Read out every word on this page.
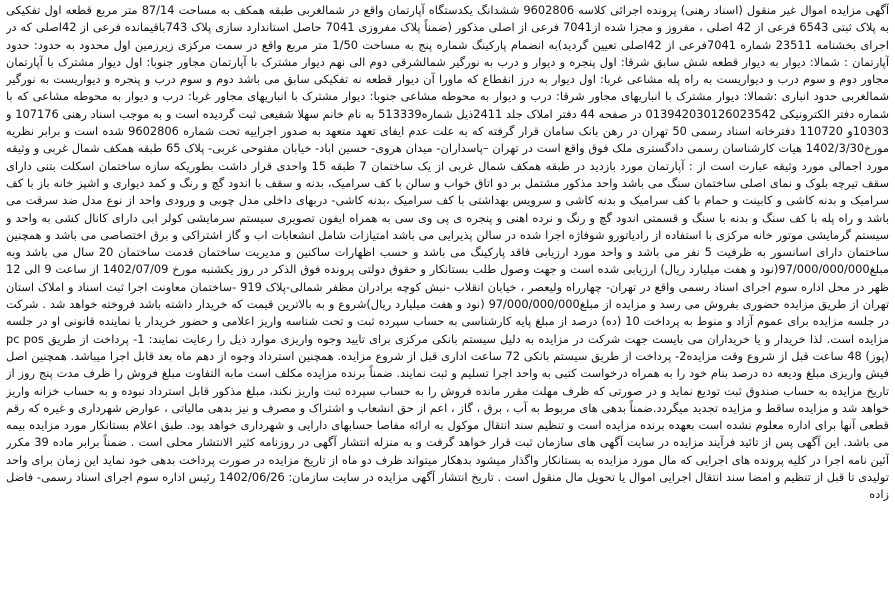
آگهی مزایده اموال غیر منقول (اسناد رهنی) پرونده اجرائی کلاسه 9602806 ششدانگ یکدستگاه آپارتمان واقع در شمالغربی طبقه همکف به مساحت 87/14 متر مربع قطعه اول تفکیکی به پلاک ثبتی 6543 فرعی از 42 اصلی ، مفروز و مجزا شده از7041 فرعی از اصلی مذکور (ضمناً پلاک مفروزی 7041 حاصل استاندارد سازی پلاک 743باقیمانده فرعی از 42اصلی که در اجرای بخشنامه 23511 شماره 7041فرعی از 42اصلی تعیین گردید)به انضمام پارکینگ شماره پنج به مساحت 1/50 متر مربع واقع در سمت مرکزی زیرزمین اول محدود به حدود: حدود آپارتمان : شمالا: دیوار به دیوار قطعه شش سابق شرقا: اول پنجره و دیوار و درب به نورگیر شمالشرقی دوم الی نهم دیوار مشترک با آپارتمان مجاور جنوبا: اول دیوار مشترک با آپارتمان مجاور دوم و سوم درب و دیواریست به راه پله مشاعی غربا: اول دیوار به درز انقطاع که ماورا آن دیوار قطعه نه تفکیکی سابق می باشد دوم و سوم درب و پنجره و دیواریست به نورگیر شمالغربی حدود انباری :شمالا: دیوار مشترک با انباریهای مجاور شرقا: درب و دیوار به محوطه مشاعی جنوبا: دیوار مشترک با انباریهای مجاور غربا: درب و دیوار به محوطه مشاعی که با شماره دفتر الکترونیکی 013942030126023542 در صفحه 44 دفتر املاک جلد 2411ذیل شماره513339 به نام خانم سهلا شفیعی ثبت گردیده است و به موجب اسناد رهنی 107176 و 10303و 110720 دفترخانه اسناد رسمی 50 تهران در رهن بانک سامان قرار گرفته که به علت عدم ایفای تعهد متعهد به صدور اجراییه تحت شماره 9602806 شده است و برابر نظریه مورخ1402/3/30 هیات کارشناسان رسمی دادگستری ملک فوق واقع است در تهران –پاسداران- میدان هروی- حسین اباد- خیابان مفتوحی غربی- پلاک 65 طبقه همکف شمال غربی و وثیقه مورد اجمالی مورد وثیقه عبارت است از : آپارتمان مورد بازدید در طبقه همکف شمال غربی از یک ساختمان 7 طبقه 15 واحدی قرار داشت بطوریکه سازه ساختمان اسکلت بتنی دارای سقف تیرچه بلوک و نمای اصلی ساختمان سنگ می باشد واحد مذکور مشتمل بر دو اتاق خواب و سالن با کف سرامیک، بدنه و سقف با اندود گچ و رنگ و کمد دیواری و اشپز خانه باز با کف سرامیک و بدنه کاشی و کابینت و حمام با کف سرامیک و بدنه کاشی و سرویس بهداشتی با کف سرامیک ،بدنه کاشی- دربهای داخلی مدل چوبی و ورودی واحد از نوع مدل ضد سرقت می باشد و راه پله با کف سنگ و بدنه با سنگ و قسمتی اندود گچ و رنگ و نرده اهنی و پنجره ی پی وی سی به همراه ایفون تصویری سیستم سرمایشی کولر ابی دارای کانال کشی به واحد و سیستم گرمایشی موتور خانه مرکزی با استفاده از رادیاتورو شوفاژه اجرا شده در سالن پذیرایی می باشد امتیازات شامل انشعابات اب و گاز اشتراکی و برق اختصاصی می باشد و همچنین ساختمان دارای اسانسور به ظرفیت 5 نفر می باشد و واحد مورد ارزیابی فاقد پارکینگ می باشد و حسب اظهارات ساکنین و مدیریت ساختمان قدمت ساختمان 20 سال می باشد وبه مبلغ97/000/000/000(نود و هفت میلیارد ریال) ارزیابی شده است و جهت وصول طلب بستانکار و حقوق دولتی پرونده فوق الذکر در روز یکشنبه مورخ 1402/07/09 از ساعت 9 الی 12 ظهر در محل اداره سوم اجرای اسناد رسمی واقع در تهران- چهارراه ولیعصر ، خیابان انقلاب -نبش کوچه برادران مظفر شمالی-پلاک 919 -ساختمان معاونت اجرا ثبت اسناد و املاک استان تهران از طریق مزایده حضوری بفروش می رسد و مزایده از مبلغ97/000/000/000 (نود و هفت میلیارد ریال)شروع و به بالاترین قیمت که خریدار داشته باشد فروخته خواهد شد . شرکت در جلسه مزایده برای عموم آزاد و منوط به پرداخت 10 (ده) درصد از مبلغ پایه کارشناسی به حساب سپرده ثبت و تحت شناسه واریز اعلامی و حضور خریدار یا نماینده قانونی او در جلسه مزایده است. لذا خریدار و یا خریداران می بایست جهت شرکت در مزایده به دلیل سیستم بانکی مرکزی برای تایید وجوه واریزی موارد ذیل را رعایت نمایند: 1- پرداخت از طریق pc pos (پوز) 48 ساعت قبل از شروع وقت مزایده2- پرداخت از طریق سیستم بانکی 72 ساعت اداری قبل از شروع مزایده. همچنین استرداد وجوه از دهم ماه بعد قابل اجرا میباشد. همچنین اصل فیش واریزی مبلغ ودیعه ده درصد بنام خود را به همراه درخواست کتبی به واحد اجرا تسلیم و ثبت نمایند. ضمناً برنده مزایده مکلف است مابه التفاوت مبلغ فروش را ظرف مدت پنج روز از تاریخ مزایده به حساب صندوق ثبت تودیع نماید و در صورتی که ظرف مهلت مقرر مانده فروش را به حساب سپرده ثبت واریز نکند، مبلغ مذکور قابل استرداد نبوده و به حساب خزانه واریز خواهد شد و مزایده ساقط و مزایده تجدید میگردد.ضمناً بدهی های مربوط به آب ، برق ، گاز ، اعم از حق انشعاب و اشتراک و مصرف و نیز بدهی مالیاتی ، عوارض شهرداری و غیره که رقم قطعی آنها برای اداره معلوم نشده است بعهده برنده مزایده است و تنظیم سند انتقال موکول به ارائه مفاصا حسابهای دارایی و شهرداری خواهد بود. طبق اعلام بستانکار مورد مزایده بیمه می باشد. این آگهی پس از تائید فرآیند مزایده در سایت آگهی های سازمان ثبت قرار خواهد گرفت و به منزله انتشار آگهی در روزنامه کثیر الانتشار محلی است . ضمناً برابر ماده 39 مکرر آئین نامه اجرا در کلیه پرونده های اجرایی که مال مورد مزایده به بستانکار واگذار میشود بدهکار میتواند ظرف دو ماه از تاریخ مزایده در صورت پرداخت بدهی خود نماید این زمان برای واحد تولیدی تا قبل از تنظیم و امضا سند انتقال اجرایی اموال یا تحویل مال منقول است . تاریخ انتشار آگهی مزایده در سایت سازمان: 1402/06/26 رئیس اداره سوم اجرای اسناد رسمی- فاضل زاده
